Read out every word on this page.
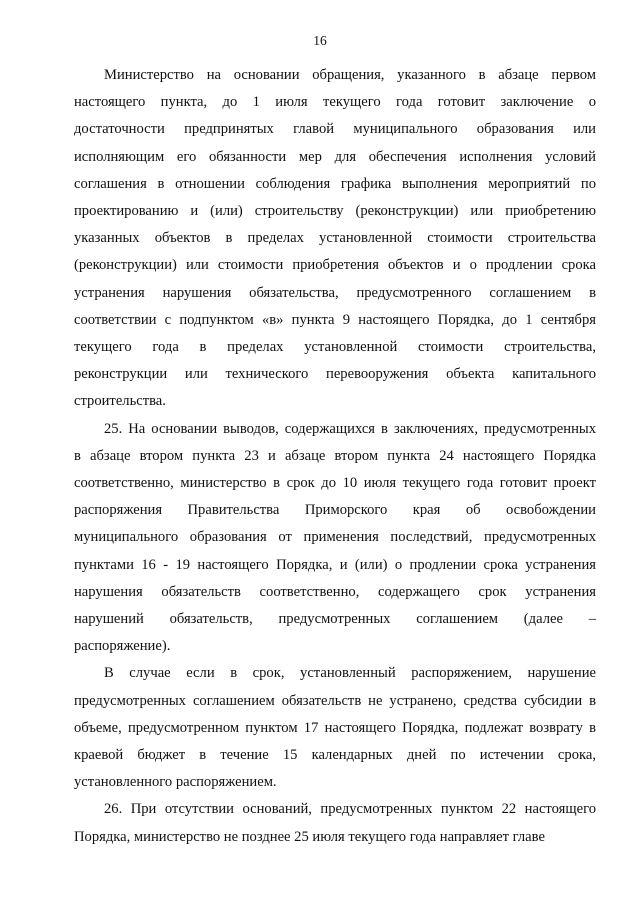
16
Министерство на основании обращения, указанного в абзаце первом
настоящего пункта, до 1 июля текущего года готовит заключение о
достаточности предпринятых главой муниципального образования или
исполняющим его обязанности мер для обеспечения исполнения условий
соглашения в отношении соблюдения графика выполнения мероприятий по
проектированию и (или) строительству (реконструкции) или приобретению
указанных объектов в пределах установленной стоимости строительства
(реконструкции) или стоимости приобретения объектов и о продлении срока
устранения нарушения обязательства, предусмотренного соглашением в
соответствии с подпунктом «в» пункта 9 настоящего Порядка, до 1 сентября
текущего года в пределах установленной стоимости строительства,
реконструкции или технического перевооружения объекта капитального
строительства.
25. На основании выводов, содержащихся в заключениях, предусмотренных
в абзаце втором пункта 23 и абзаце втором пункта 24 настоящего Порядка
соответственно, министерство в срок до 10 июля текущего года готовит проект
распоряжения Правительства Приморского края об освобождении
муниципального образования от применения последствий, предусмотренных
пунктами 16 - 19 настоящего Порядка, и (или) о продлении срока устранения
нарушения обязательств соответственно, содержащего срок устранения
нарушений обязательств, предусмотренных соглашением (далее –
распоряжение).
В случае если в срок, установленный распоряжением, нарушение
предусмотренных соглашением обязательств не устранено, средства субсидии в
объеме, предусмотренном пунктом 17 настоящего Порядка, подлежат возврату в
краевой бюджет в течение 15 календарных дней по истечении срока,
установленного распоряжением.
26. При отсутствии оснований, предусмотренных пунктом 22 настоящего
Порядка, министерство не позднее 25 июля текущего года направляет главе
